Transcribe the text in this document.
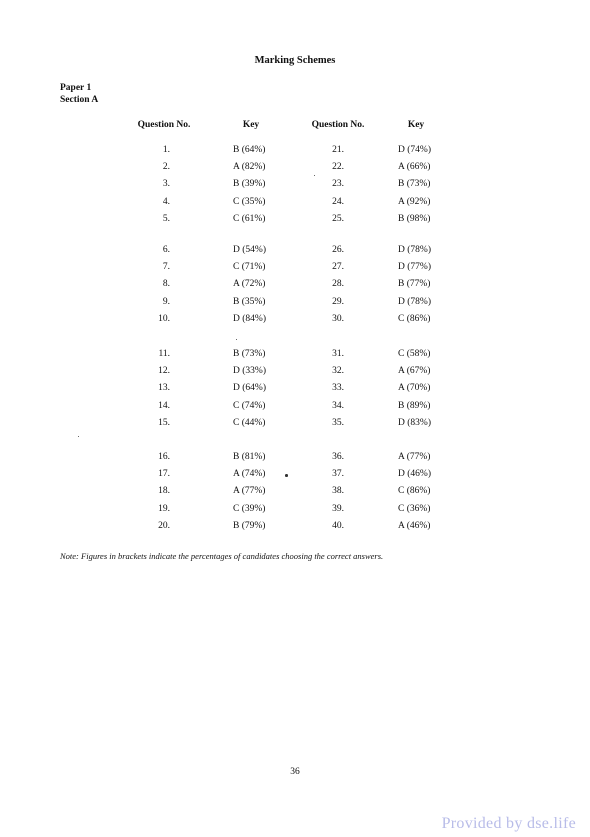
Marking Schemes
Paper 1
Section A
Question No.	Key	Question No.	Key
1.	B (64%)	21.	D (74%)
2.	A (82%)	22.	A (66%)
3.	B (39%)	23.	B (73%)
4.	C (35%)	24.	A (92%)
5.	C (61%)	25.	B (98%)
6.	D (54%)	26.	D (78%)
7.	C (71%)	27.	D (77%)
8.	A (72%)	28.	B (77%)
9.	B (35%)	29.	D (78%)
10.	D (84%)	30.	C (86%)
11.	B (73%)	31.	C (58%)
12.	D (33%)	32.	A (67%)
13.	D (64%)	33.	A (70%)
14.	C (74%)	34.	B (89%)
15.	C (44%)	35.	D (83%)
16.	B (81%)	36.	A (77%)
17.	A (74%)	37.	D (46%)
18.	A (77%)	38.	C (86%)
19.	C (39%)	39.	C (36%)
20.	B (79%)	40.	A (46%)
Note: Figures in brackets indicate the percentages of candidates choosing the correct answers.
36
Provided by dse.life
